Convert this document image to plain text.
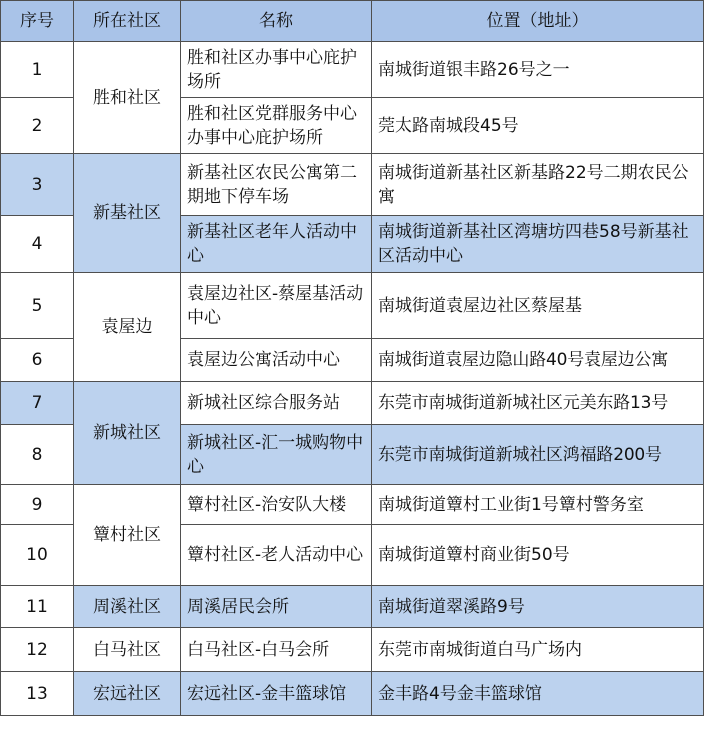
序号	所在社区	名称	位置（地址）
1	胜和社区	胜和社区办事中心庇护场所	南城街道银丰路26号之一
2		胜和社区党群服务中心办事中心庇护场所	莞太路南城段45号
3	新基社区	新基社区农民公寓第二期地下停车场	南城街道新基社区新基路22号二期农民公寓
4		新基社区老年人活动中心	南城街道新基社区湾塘坊四巷58号新基社区活动中心
5	袁屋边	袁屋边社区-蔡屋基活动中心	南城街道袁屋边社区蔡屋基
6		袁屋边公寓活动中心	南城街道袁屋边隐山路40号袁屋边公寓
7	新城社区	新城社区综合服务站	东莞市南城街道新城社区元美东路13号
8		新城社区-汇一城购物中心	东莞市南城街道新城社区鸿福路200号
9	簟村社区	簟村社区-治安队大楼	南城街道簟村工业街1号簟村警务室
10		簟村社区-老人活动中心	南城街道簟村商业街50号
11	周溪社区	周溪居民会所	南城街道翠溪路9号
12	白马社区	白马社区-白马会所	东莞市南城街道白马广场内
13	宏远社区	宏远社区-金丰篮球馆	金丰路4号金丰篮球馆
